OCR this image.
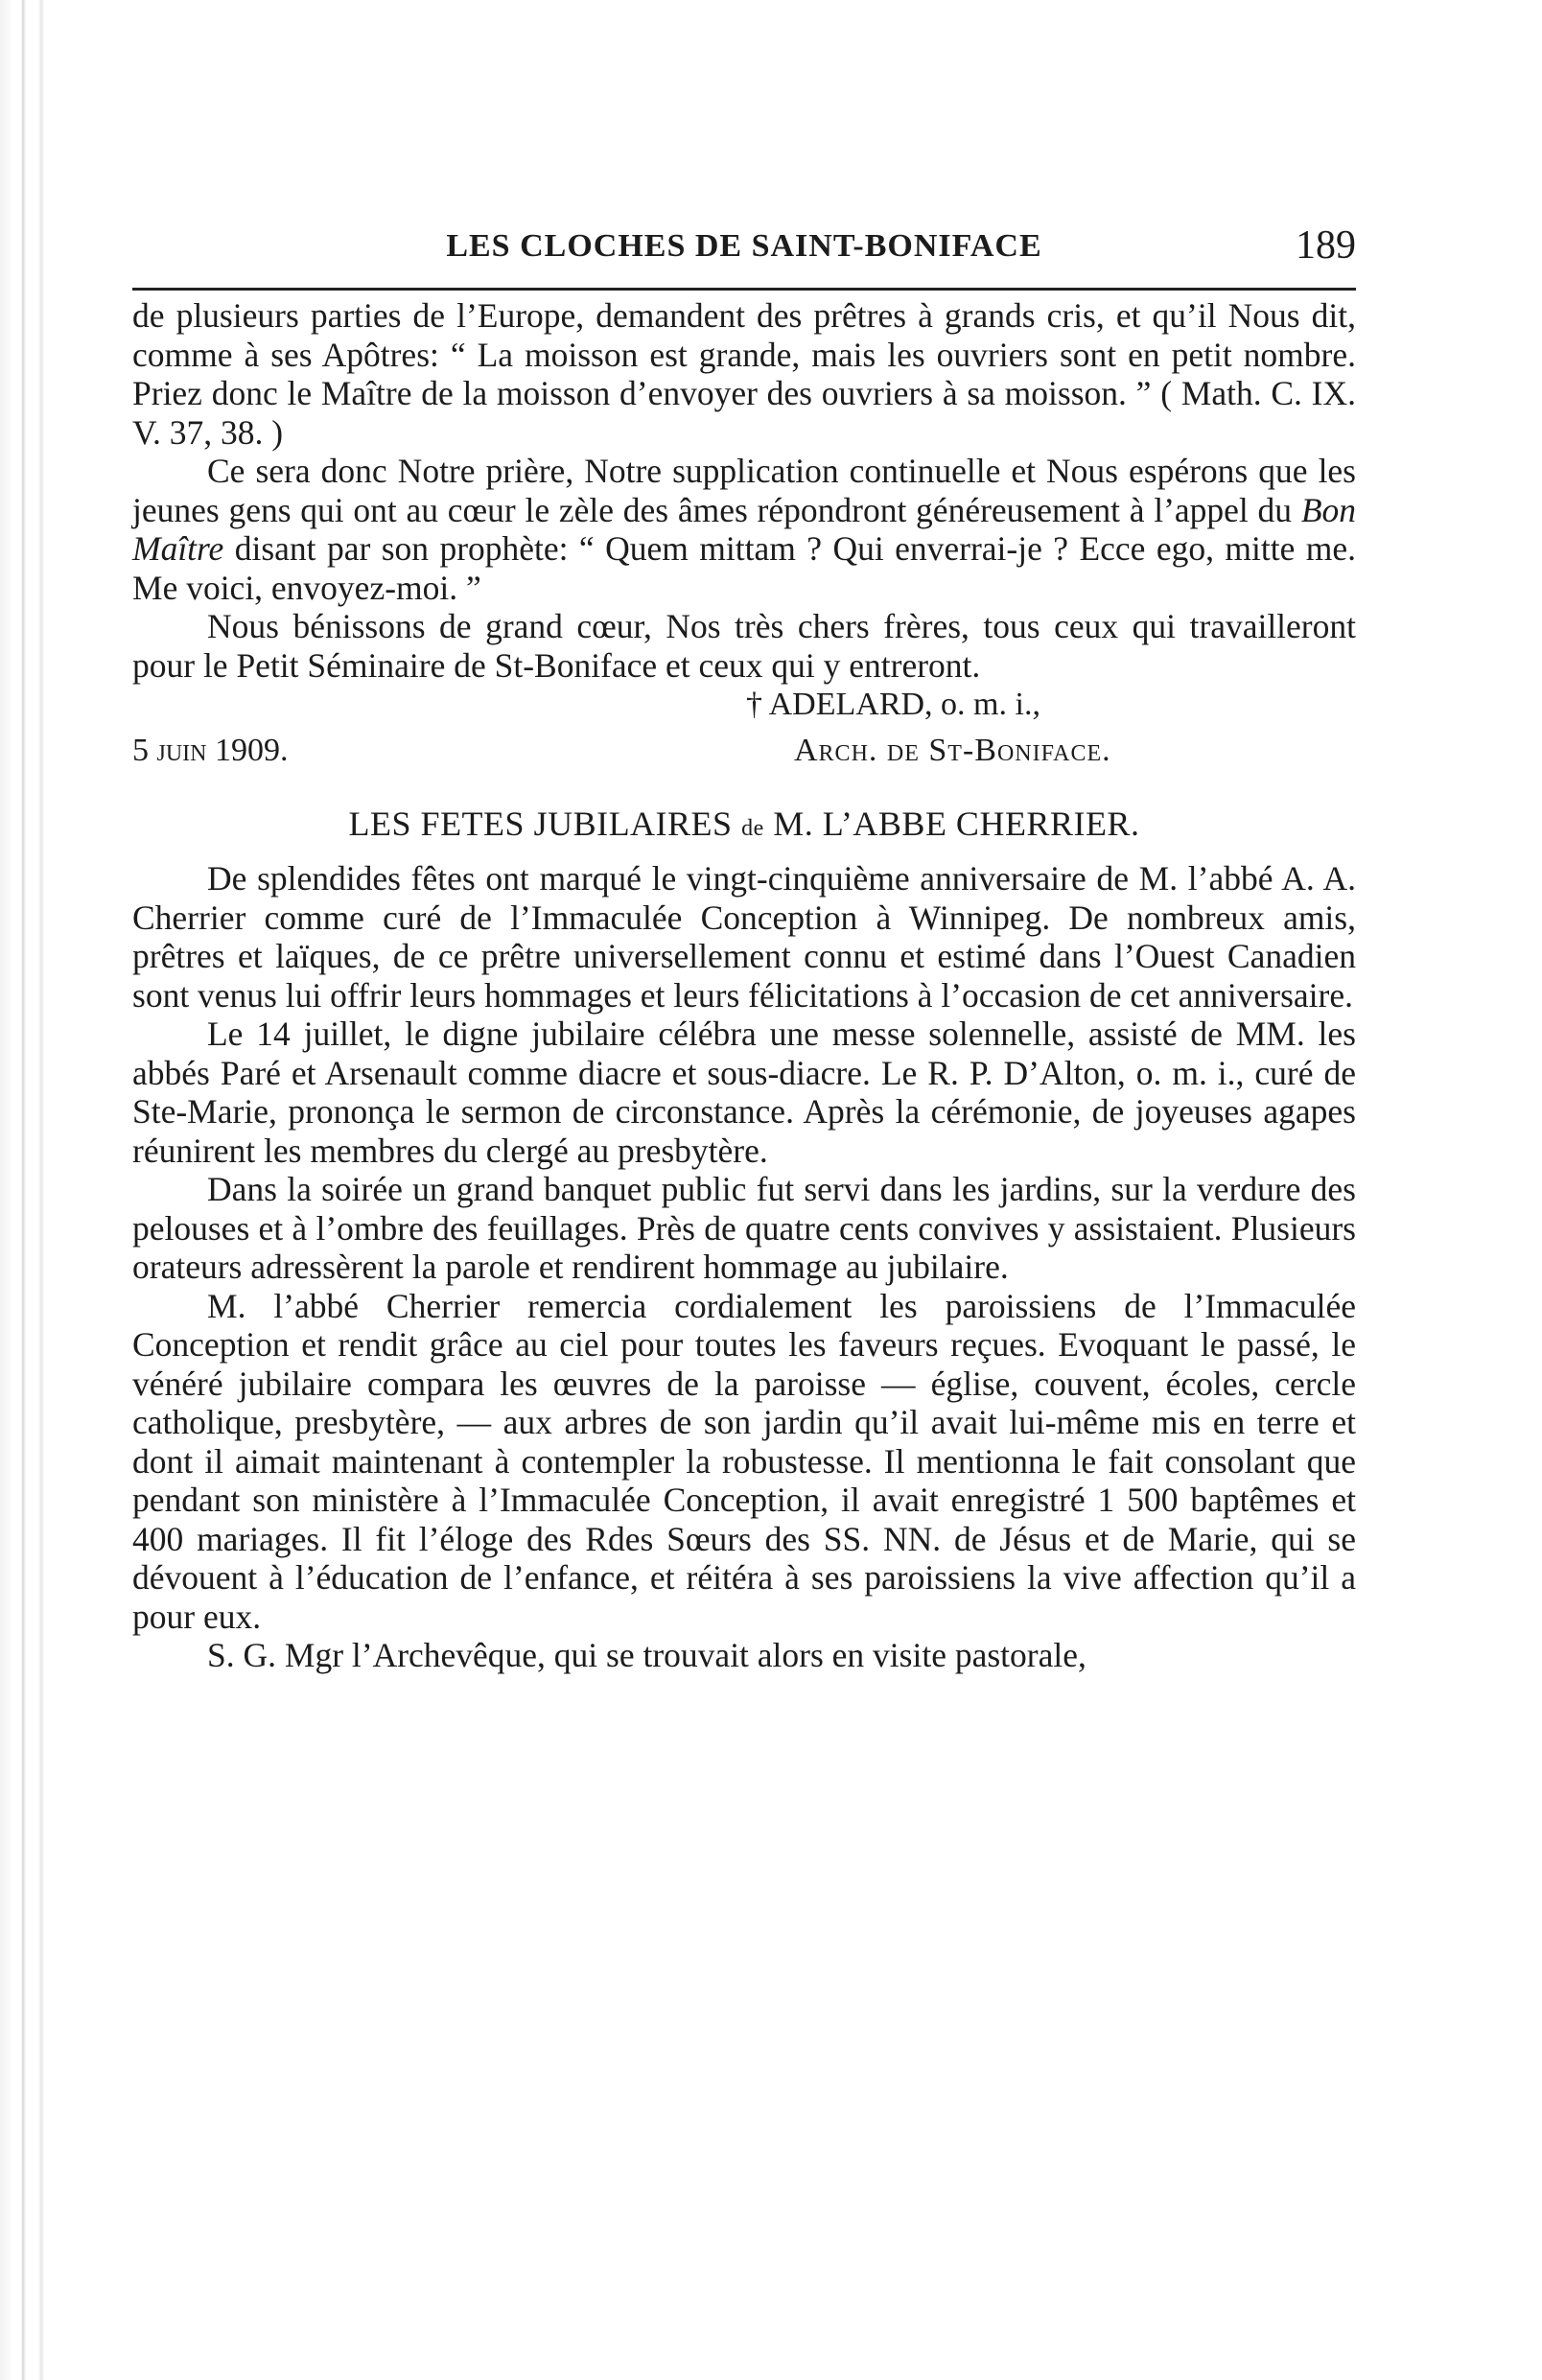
LES CLOCHES DE SAINT-BONIFACE	189

de plusieurs parties de l’Europe, demandent des prêtres à grands cris, et qu’il Nous dit, comme à ses Apôtres: “ La moisson est grande, mais les ouvriers sont en petit nombre. Priez donc le Maître de la moisson d’envoyer des ouvriers à sa moisson. ” ( Math. C. IX. V. 37, 38. )

Ce sera donc Notre prière, Notre supplication continuelle et Nous espérons que les jeunes gens qui ont au cœur le zèle des âmes répondront généreusement à l’appel du Bon Maître disant par son prophète: “ Quem mittam ? Qui enverrai-je ? Ecce ego, mitte me. Me voici, envoyez-moi. ”

Nous bénissons de grand cœur, Nos très chers frères, tous ceux qui travailleront pour le Petit Séminaire de St-Boniface et ceux qui y entreront.

† ADELARD, o. m. i.,
5 juin 1909.	Arch. de St-Boniface.
LES FETES JUBILAIRES de M. L’ABBE CHERRIER.

De splendides fêtes ont marqué le vingt-cinquième anniversaire de M. l’abbé A. A. Cherrier comme curé de l’Immaculée Conception à Winnipeg. De nombreux amis, prêtres et laïques, de ce prêtre universellement connu et estimé dans l’Ouest Canadien sont venus lui offrir leurs hommages et leurs félicitations à l’occasion de cet anniversaire.

Le 14 juillet, le digne jubilaire célébra une messe solennelle, assisté de MM. les abbés Paré et Arsenault comme diacre et sous-diacre. Le R. P. D’Alton, o. m. i., curé de Ste-Marie, prononça le sermon de circonstance. Après la cérémonie, de joyeuses agapes réunirent les membres du clergé au presbytère.

Dans la soirée un grand banquet public fut servi dans les jardins, sur la verdure des pelouses et à l’ombre des feuillages. Près de quatre cents convives y assistaient. Plusieurs orateurs adressèrent la parole et rendirent hommage au jubilaire.

M. l’abbé Cherrier remercia cordialement les paroissiens de l’Immaculée Conception et rendit grâce au ciel pour toutes les faveurs reçues. Evoquant le passé, le vénéré jubilaire compara les œuvres de la paroisse — église, couvent, écoles, cercle catholique, presbytère, — aux arbres de son jardin qu’il avait lui-même mis en terre et dont il aimait maintenant à contempler la robustesse. Il mentionna le fait consolant que pendant son ministère à l’Immaculée Conception, il avait enregistré 1 500 baptêmes et 400 mariages. Il fit l’éloge des Rdes Sœurs des SS. NN. de Jésus et de Marie, qui se dévouent à l’éducation de l’enfance, et réitéra à ses paroissiens la vive affection qu’il a pour eux.

S. G. Mgr l’Archevêque, qui se trouvait alors en visite pastorale,
